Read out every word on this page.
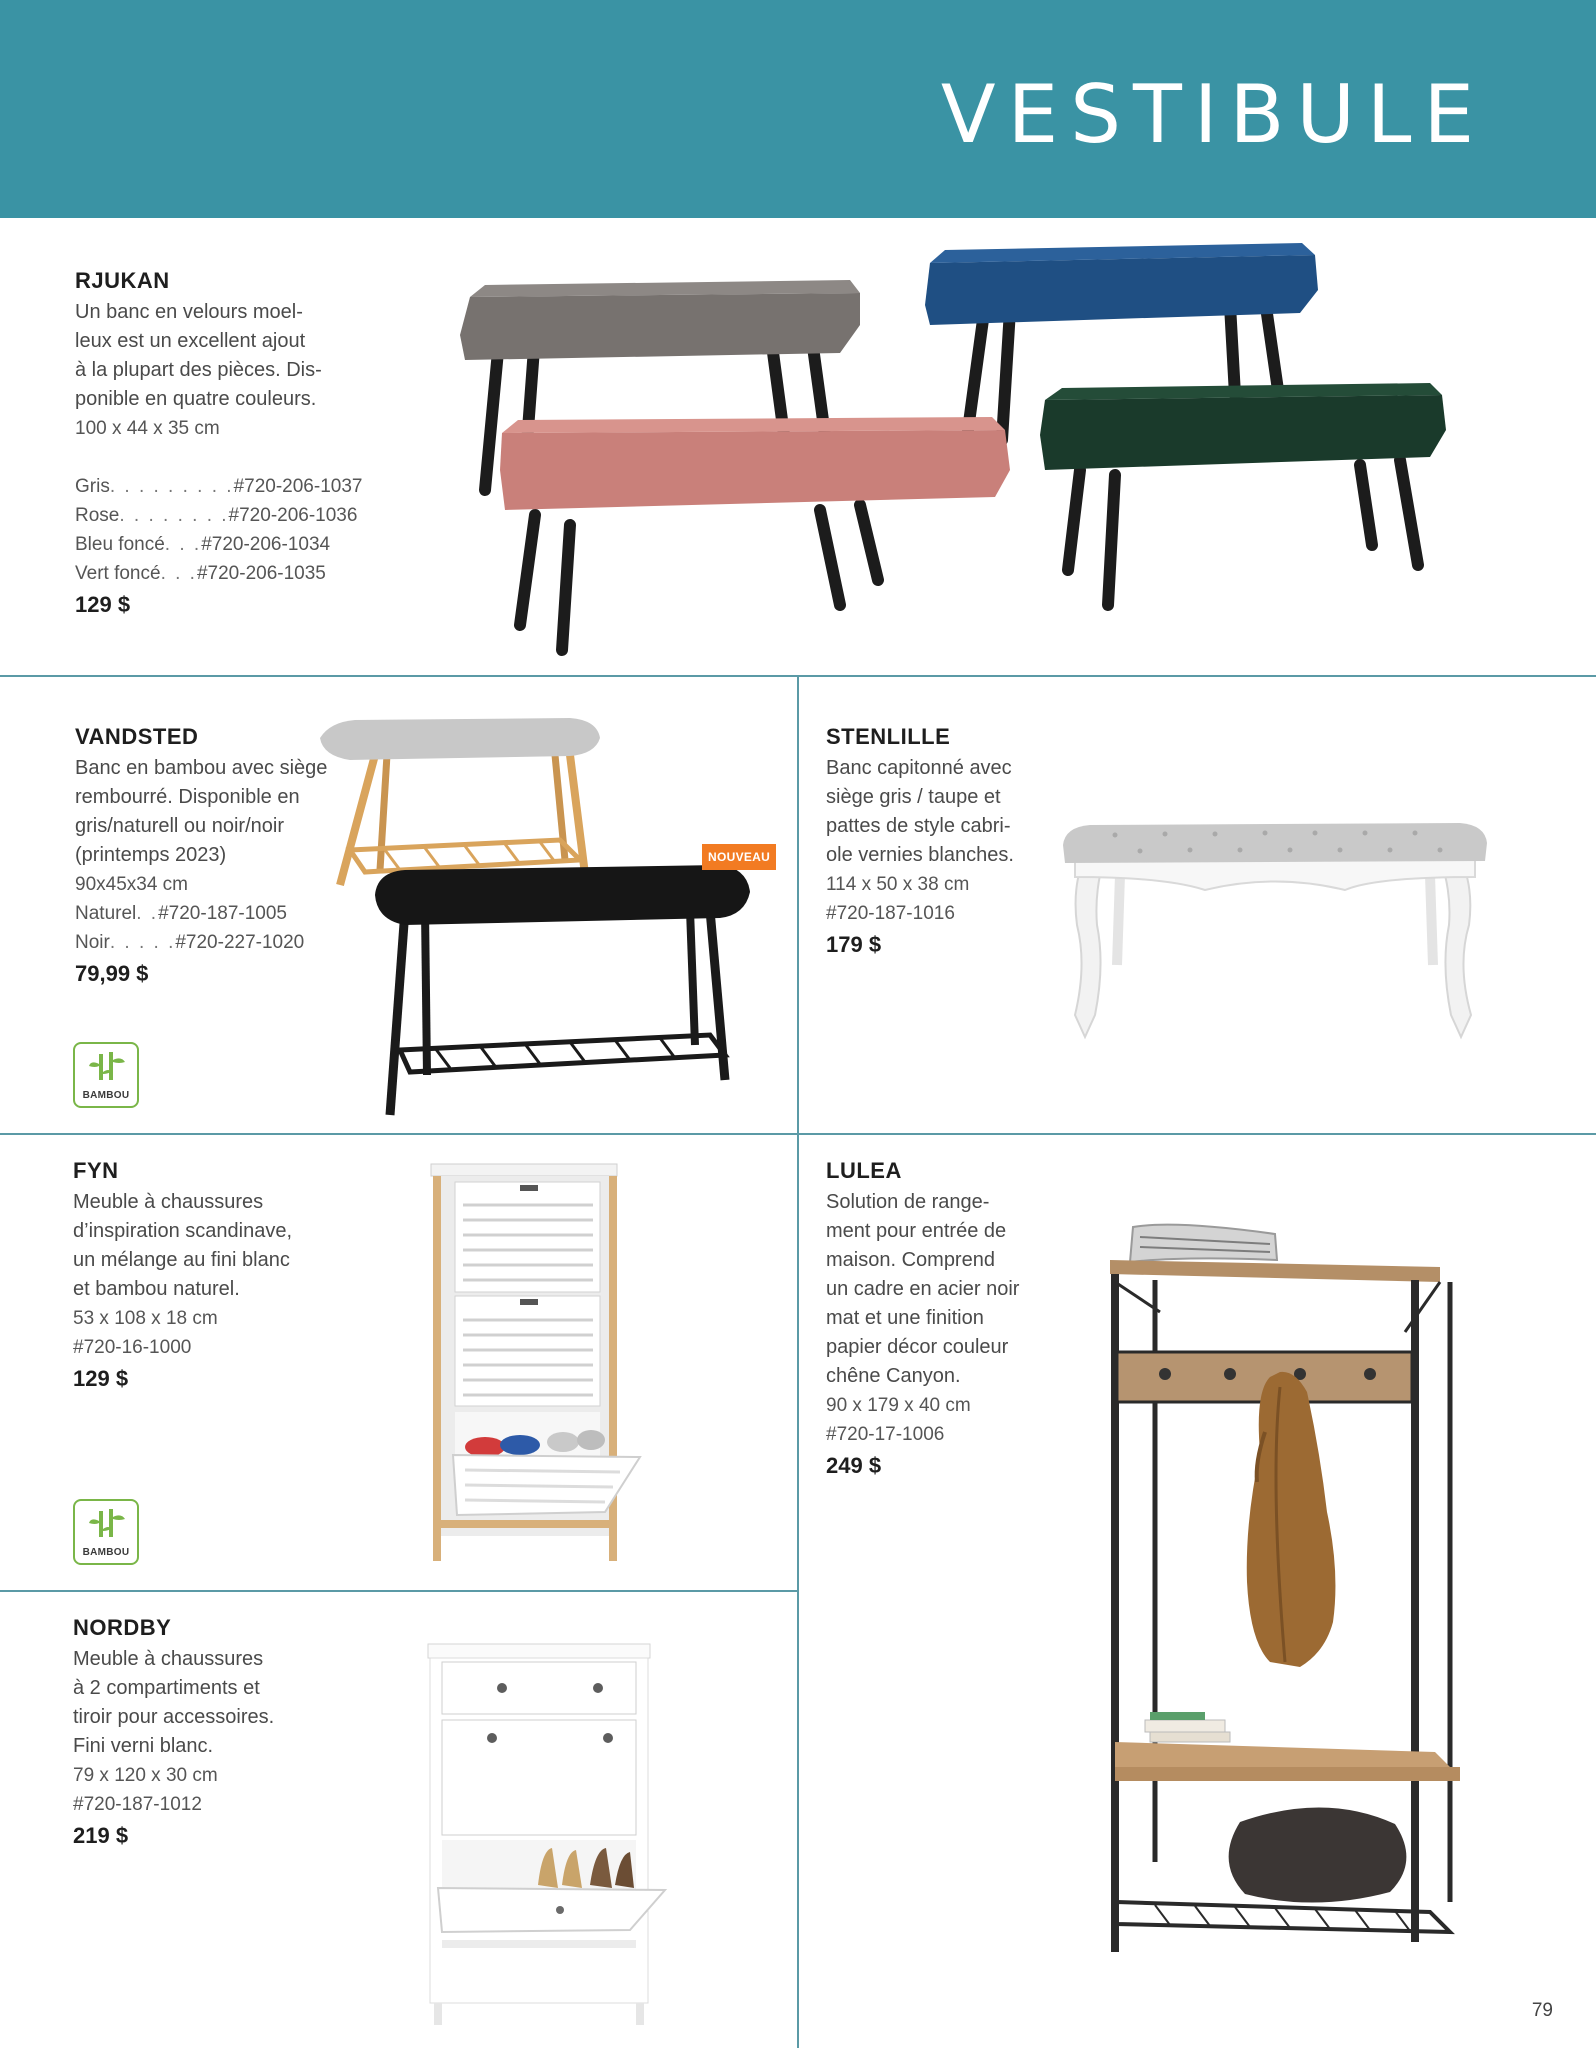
VESTIBULE
RJUKAN

Un banc en velours moel-

leux est un excellent ajout

à la plupart des pièces. Dis-

ponible en quatre couleurs.

100 x 44 x 35 cm

Gris . . . . . . . . . #720-206-1037
Rose . . . . . . . . #720-206-1036
Bleu foncé . . . #720-206-1034
Vert foncé . . . #720-206-1035

129 $

VANDSTED

Banc en bambou avec siège

rembourré. Disponible en

gris/naturell ou noir/noir

(printemps 2023)

90x45x34 cm

Naturel . . #720-187-1005
Noir . . . . . #720-227-1020

79,99 $

BAMBOU
NOUVEAU
STENLILLE

Banc capitonné avec

siège gris / taupe et

pattes de style cabri-

ole vernies blanches.

114 x 50 x 38 cm

#720-187-1016

179 $

FYN

Meuble à chaussures

d’inspiration scandinave,

un mélange au fini blanc

et bambou naturel.

53 x 108 x 18 cm

#720-16-1000

129 $

BAMBOU
LULEA

Solution de range-

ment pour entrée de

maison. Comprend

un cadre en acier noir

mat et une finition

papier décor couleur

chêne Canyon.

90 x 179 x 40 cm

#720-17-1006

249 $

NORDBY

Meuble à chaussures

à 2 compartiments et

tiroir pour accessoires.

Fini verni blanc.

79 x 120 x 30 cm

#720-187-1012

219 $

79
